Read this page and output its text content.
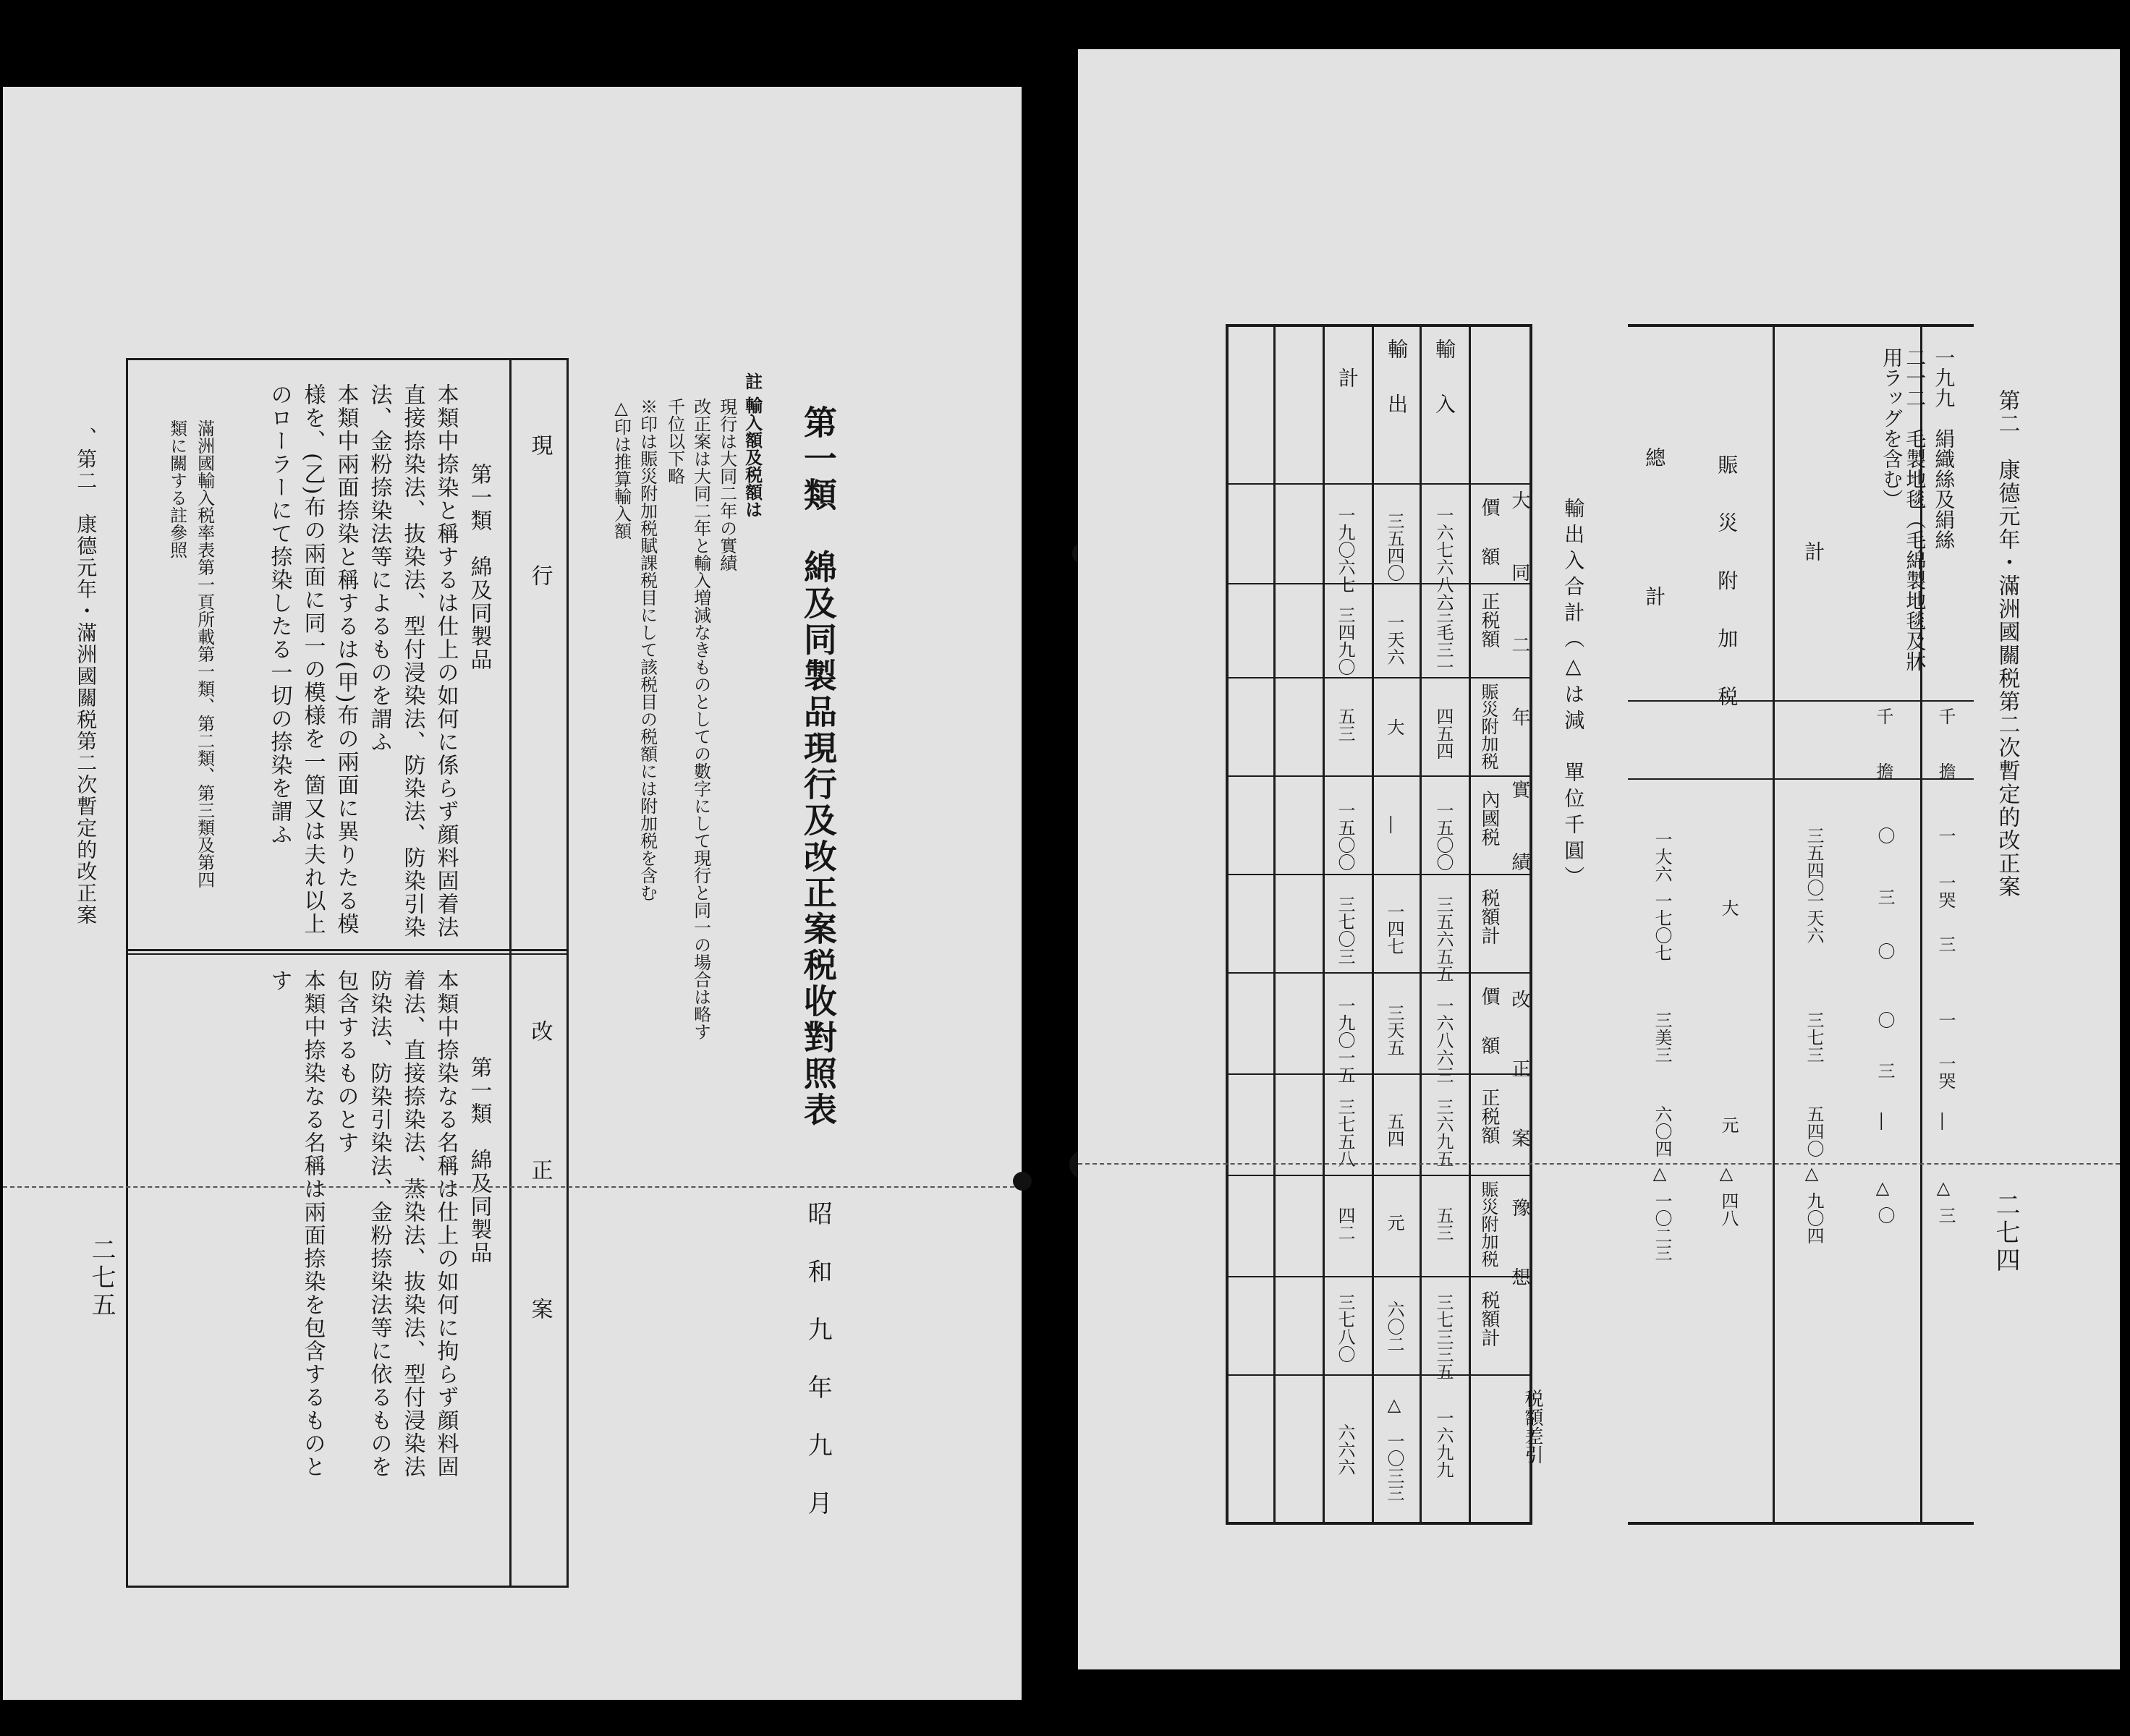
第一類　綿及同製品現行及改正案税收對照表
昭　和　九　年　九　月
註
輸入額及税額は
現行は大同二年の實績
改正案は大同二年と輸入増減なきものとしての數字にして現行と同一の場合は略す
千位以下略
※印は賑災附加税賦課税目にして該税目の税額には附加税を含む
△印は推算輸入額
現　　行
改　　正　　案
第一類　綿及同製品
本類中捺染と稱するは仕上の如何に係らず顔料固着法
直接捺染法、抜染法、型付浸染法、防染法、防染引染
法、金粉捺染法等によるものを謂ふ
本類中兩面捺染と稱するは(甲)布の兩面に異りたる模
様を、(乙)布の兩面に同一の模様を一箇又は夫れ以上
のローラーにて捺染したる一切の捺染を謂ふ
第一類　綿及同製品
本類中捺染なる名稱は仕上の如何に拘らず顔料固
着法、直接捺染法、蒸染法、抜染法、型付浸染法
防染法、防染引染法、金粉捺染法等に依るものを
包含するものとす
本類中捺染なる名稱は兩面捺染を包含するものと
す
滿洲國輸入税率表第一頁所載第一類、第二類、第三類及第四
類に關する註參照
、第二　康德元年・滿洲國關税第二次暫定的改正案
二七五
第二　康德元年・滿洲國關税第二次暫定的改正案
二七四
一九九　絹織絲及絹絲
二一二　毛製地毯（毛綿製地毯及牀用ラッグを含む）
計
賑　災　附　加　税
總　　　計
千　擔
千　擔
一
一哭
三
一
一哭
―
△
三
〇
三
〇
〇
三
―
△
〇
三五四〇
一天六
三七三
五四〇
△
九〇四
大
元
△
四八
一大六
一七〇七
三美三
六〇四
△
一〇二三
輸出入合計（△は減　單位千圓）
大　同　二　年　實　績
改　正　案　豫　想
價　額
正税額
賑災附加税
內國税
税額計
價　額
正税額
賑災附加税
税額計
税額差引
輸　入
輸　出
計
一六七六八六
三毛三一
四五四
一五〇〇
三五六五五
一六八六三
三六九五
五三
三七三三五
一六九九
三五四〇
一天六
大
―
一四七
三天五
五四
元
六〇二
△　一〇三三
一九〇六七
三四九〇
五三
一五〇〇
三七〇三
一九〇一五
三七五八
四二
三七八〇
六六六
